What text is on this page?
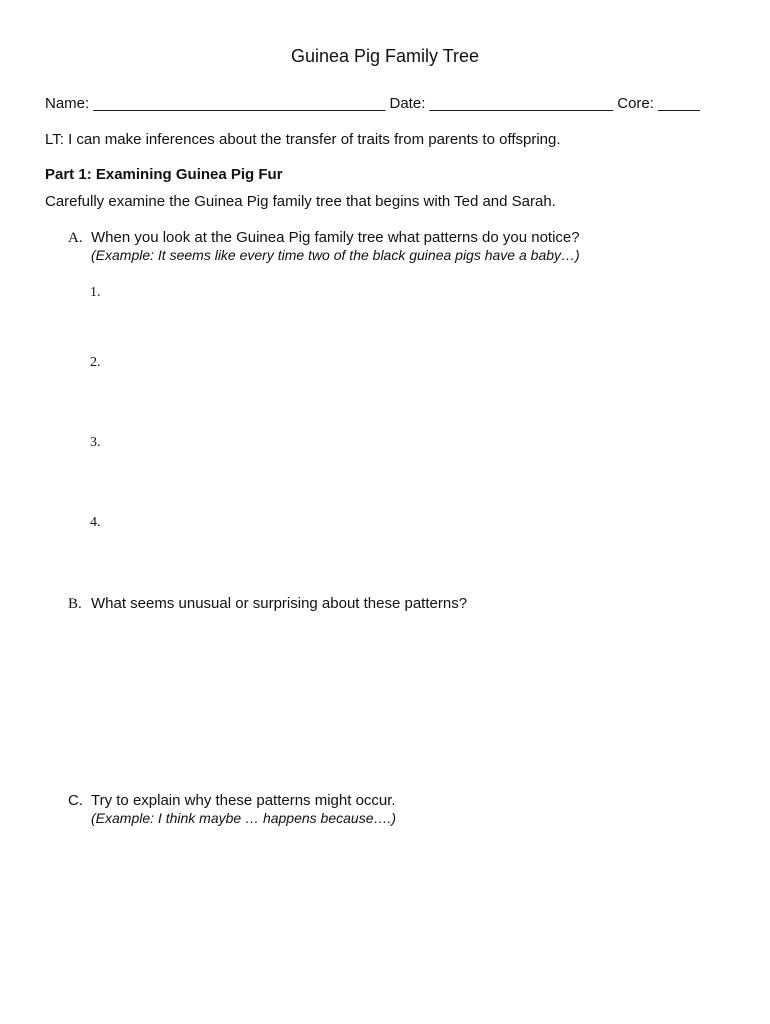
Guinea Pig Family Tree
Name: ___________________________________ Date: ______________________ Core: _____
LT: I can make inferences about the transfer of traits from parents to offspring.
Part 1: Examining Guinea Pig Fur
Carefully examine the Guinea Pig family tree that begins with Ted and Sarah.
A. When you look at the Guinea Pig family tree what patterns do you notice?
(Example: It seems like every time two of the black guinea pigs have a baby…)
1.
2.
3.
4.
B. What seems unusual or surprising about these patterns?
C. Try to explain why these patterns might occur.
(Example: I think maybe … happens because….)
